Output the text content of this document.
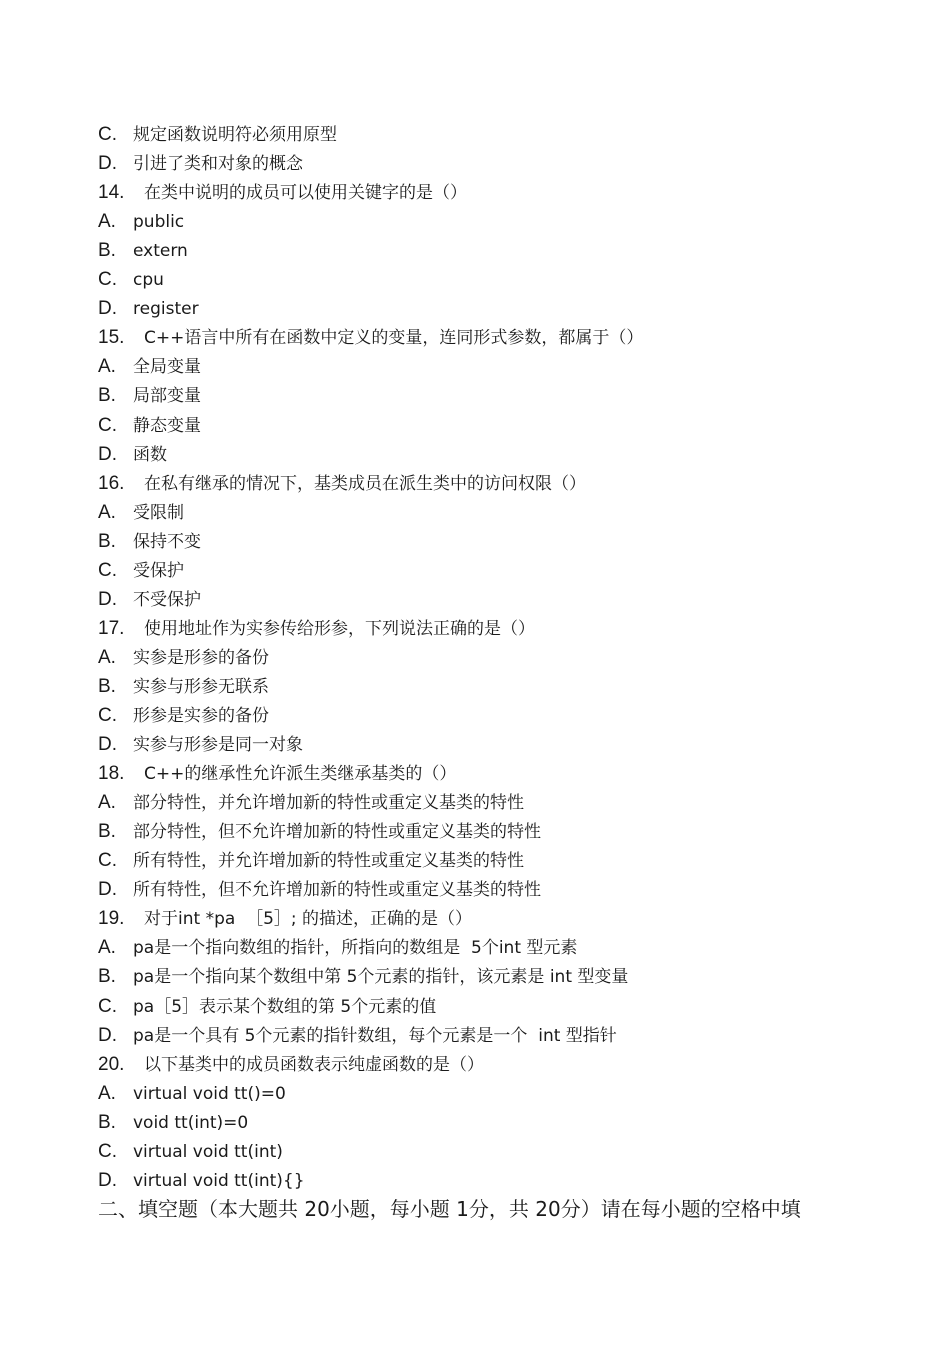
C. 规定函数说明符必须用原型
D. 引进了类和对象的概念
14. 在类中说明的成员可以使用关键字的是（）
A. public
B. extern
C. cpu
D. register
15. C++语言中所有在函数中定义的变量，连同形式参数，都属于（）
A. 全局变量
B. 局部变量
C. 静态变量
D. 函数
16. 在私有继承的情况下，基类成员在派生类中的访问权限（）
A. 受限制
B. 保持不变
C. 受保护
D. 不受保护
17. 使用地址作为实参传给形参，下列说法正确的是（）
A. 实参是形参的备份
B. 实参与形参无联系
C. 形参是实参的备份
D. 实参与形参是同一对象
18. C++的继承性允许派生类继承基类的（）
A. 部分特性，并允许增加新的特性或重定义基类的特性
B. 部分特性，但不允许增加新的特性或重定义基类的特性
C. 所有特性，并允许增加新的特性或重定义基类的特性
D. 所有特性，但不允许增加新的特性或重定义基类的特性
19. 对于int *pa  ［5］; 的描述，正确的是（）
A. pa是一个指向数组的指针，所指向的数组是  5个int 型元素
B. pa是一个指向某个数组中第 5个元素的指针，该元素是 int 型变量
C. pa［5］表示某个数组的第 5个元素的值
D. pa是一个具有 5个元素的指针数组，每个元素是一个  int 型指针
20. 以下基类中的成员函数表示纯虚函数的是（）
A. virtual void tt()=0
B. void tt(int)=0
C. virtual void tt(int)
D. virtual void tt(int){}
二、填空题（本大题共 20小题，每小题 1分，共 20分）请在每小题的空格中填
